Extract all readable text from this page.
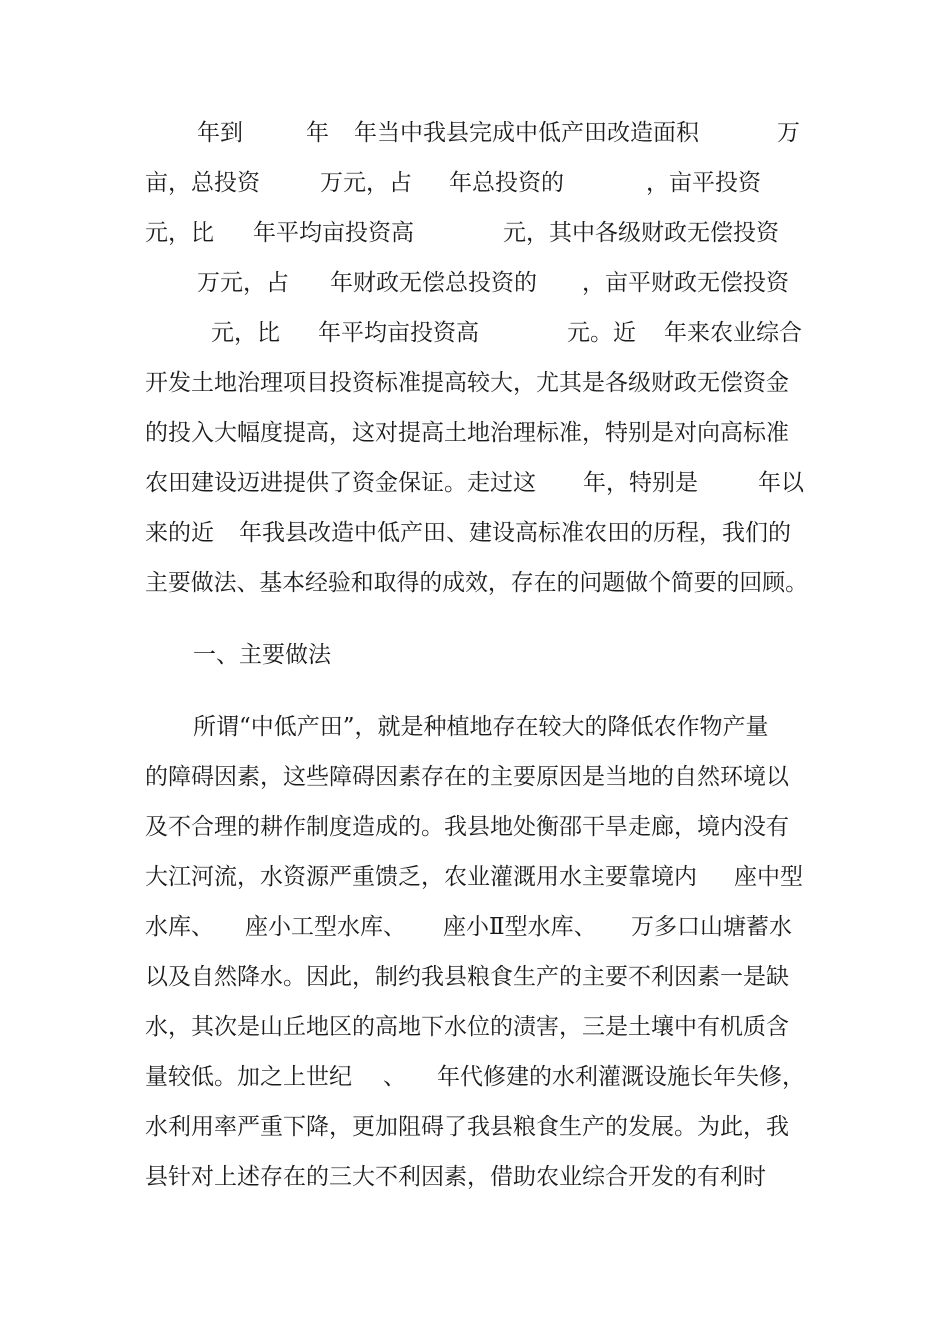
年到

	年

年当中我县完成中低产田改造面积

	万

亩，总投资

	万元，占

年总投资的

	，亩平投资

元，比

年平均亩投资高

	元，其中各级财政无偿投资

万元，占

年财政无偿总投资的

，亩平财政无偿投资

元，比

年平均亩投资高

	元。近

年来农业综合

开发土地治理项目投资标准提高较大，尤其是各级财政无偿资金

的投入大幅度提高，这对提高土地治理标准，特别是对向高标准

农田建设迈进提供了资金保证。走过这

年，特别是

	年以

来的近

年我县改造中低产田、建设高标准农田的历程，我们的

主要做法、基本经验和取得的成效，存在的问题做个简要的回顾。

一、主要做法

所谓“中低产田”，就是种植地存在较大的降低农作物产量

的障碍因素，这些障碍因素存在的主要原因是当地的自然环境以

及不合理的耕作制度造成的。我县地处衡邵干旱走廊，境内没有

大江河流，水资源严重馈乏，农业灌溉用水主要靠境内

座中型

水库、

座小工型水库、

座小Ⅱ型水库、

万多口山塘蓄水

以及自然降水。因此，制约我县粮食生产的主要不利因素一是缺

水，其次是山丘地区的高地下水位的渍害，三是土壤中有机质含

量较低。加之上世纪

、

年代修建的水利灌溉设施长年失修，

水利用率严重下降，更加阻碍了我县粮食生产的发展。为此，我

县针对上述存在的三大不利因素，借助农业综合开发的有利时
